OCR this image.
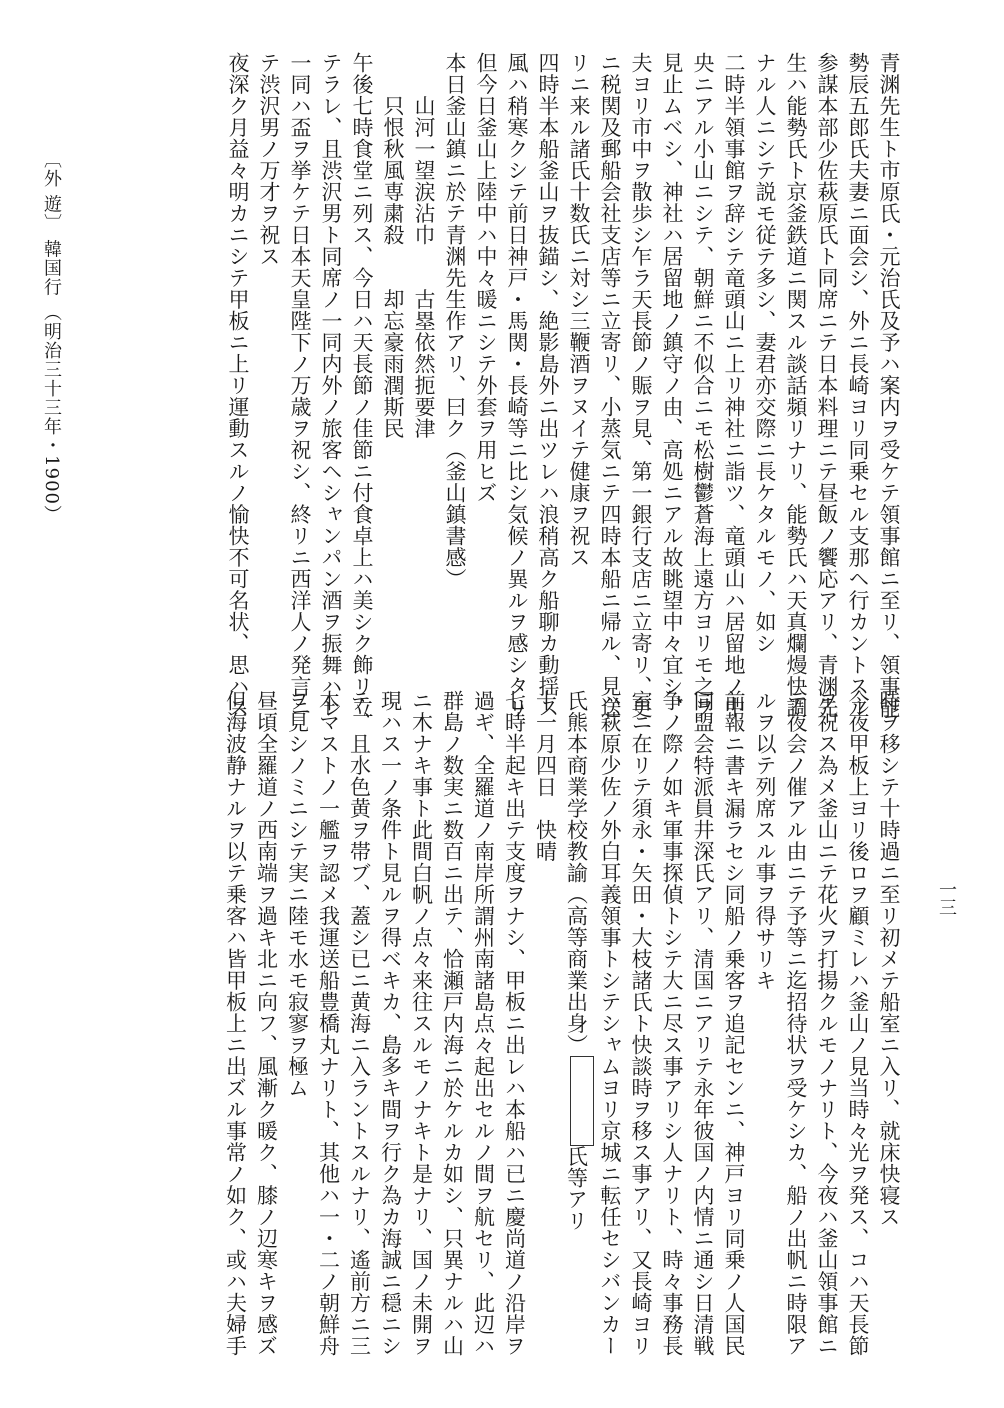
一三

青渊先生ト市原氏・元治氏及予ハ案内ヲ受ケテ領事館ニ至リ、領事能

勢辰五郎氏夫妻ニ面会シ、外ニ長崎ヨリ同乗セル支那ヘ行カントスル

参謀本部少佐萩原氏ト同席ニテ日本料理ニテ昼飯ノ饗応アリ、青渊先

生ハ能勢氏ト京釜鉄道ニ関スル談話頻リナリ、能勢氏ハ天真爛熳快調

ナル人ニシテ説モ従テ多シ、妻君亦交際ニ長ケタルモノ、如シ

二時半領事館ヲ辞シテ竜頭山ニ上リ神社ニ詣ツ、竜頭山ハ居留地ノ中

央ニアル小山ニシテ、朝鮮ニ不似合ニモ松樹鬱蒼海上遠方ヨリモ之ヲ

見止ムベシ、神社ハ居留地ノ鎮守ノ由、高処ニアル故眺望中々宜シ、

夫ヨリ市中ヲ散歩シ乍ラ天長節ノ賑ヲ見、第一銀行支店ニ立寄リ、更

ニ税関及郵船会社支店等ニ立寄リ、小蒸気ニテ四時本船ニ帰ル、見送

リニ来ル諸氏十数氏ニ対シ三鞭酒ヲヌイテ健康ヲ祝ス

四時半本船釜山ヲ抜錨シ、絶影島外ニ出ツレハ浪稍高ク船聊カ動揺ス

風ハ稍寒クシテ前日神戸・馬関・長崎等ニ比シ気候ノ異ルヲ感シタリ

但今日釜山上陸中ハ中々暖ニシテ外套ヲ用ヒズ

本日釜山鎮ニ於テ青渊先生作アリ、曰ク（釜山鎮書感）

　　山河一望涙沾巾　　古塁依然扼要津

　　只恨秋風専粛殺　　却忘豪雨潤斯民

午後七時食堂ニ列ス、今日ハ天長節ノ佳節ニ付食卓上ハ美シク飾リ立

テラレ、且渋沢男ト同席ノ一同内外ノ旅客ヘシャンパン酒ヲ振舞ハレ

一同ハ盃ヲ挙ケテ日本天皇陛下ノ万歳ヲ祝シ、終リニ西洋人ノ発言ニ

テ渋沢男ノ万才ヲ祝ス

夜深ク月益々明カニシテ甲板ニ上リ運動スルノ愉快不可名状、思ハス

時ヲ移シテ十時過ニ至リ初メテ船室ニ入リ、就床快寝ス

今夜甲板上ヨリ後ロヲ顧ミレハ釜山ノ見当時々光ヲ発ス、コハ天長節

ヲ祝ス為メ釜山ニテ花火ヲ打揚クルモノナリト、今夜ハ釜山領事館ニ

テ夜会ノ催アル由ニテ予等ニ迄招待状ヲ受ケシカ、船ノ出帆ニ時限ア

ルヲ以テ列席スル事ヲ得サリキ

前報ニ書キ漏ラセシ同船ノ乗客ヲ追記センニ、神戸ヨリ同乗ノ人国民

同盟会特派員井深氏アリ、清国ニアリテ永年彼国ノ内情ニ通シ日清戦

争ノ際ノ如キ軍事探偵トシテ大ニ尽ス事アリシ人ナリト、時々事務長

室ニ在リテ須永・矢田・大枝諸氏ト快談時ヲ移ス事アリ、又長崎ヨリ

ハ萩原少佐ノ外白耳義領事トシテシャムヨリ京城ニ転任セシバンカー

氏熊本商業学校教諭（高等商業出身）氏等アリ

十一月四日　快晴

七時半起キ出テ支度ヲナシ、甲板ニ出レハ本船ハ已ニ慶尚道ノ沿岸ヲ

過ギ、全羅道ノ南岸所謂州南諸島点々起出セルノ間ヲ航セリ、此辺ハ

群島ノ数実ニ数百ニ出テ、恰瀬戸内海ニ於ケルカ如シ、只異ナルハ山

ニ木ナキ事ト此間白帆ノ点々来往スルモノナキト是ナリ、国ノ未開ヲ

現ハス一ノ条件ト見ルヲ得ベキカ、島多キ間ヲ行ク為カ海誠ニ穏ニシ

テ、且水色黄ヲ帯ブ、蓋シ已ニ黄海ニ入ラントスルナリ、遙前方ニ三

本マストノ一艦ヲ認メ我運送船豊橋丸ナリト、其他ハ一・二ノ朝鮮舟

ヲ見シノミニシテ実ニ陸モ水モ寂寥ヲ極ム

昼頃全羅道ノ西南端ヲ過キ北ニ向フ、風漸ク暖ク、膝ノ辺寒キヲ感ズ

但海波静ナルヲ以テ乗客ハ皆甲板上ニ出ズル事常ノ如ク、或ハ夫婦手

〔外 遊〕 韓国行 （明治三十三年・1900）
